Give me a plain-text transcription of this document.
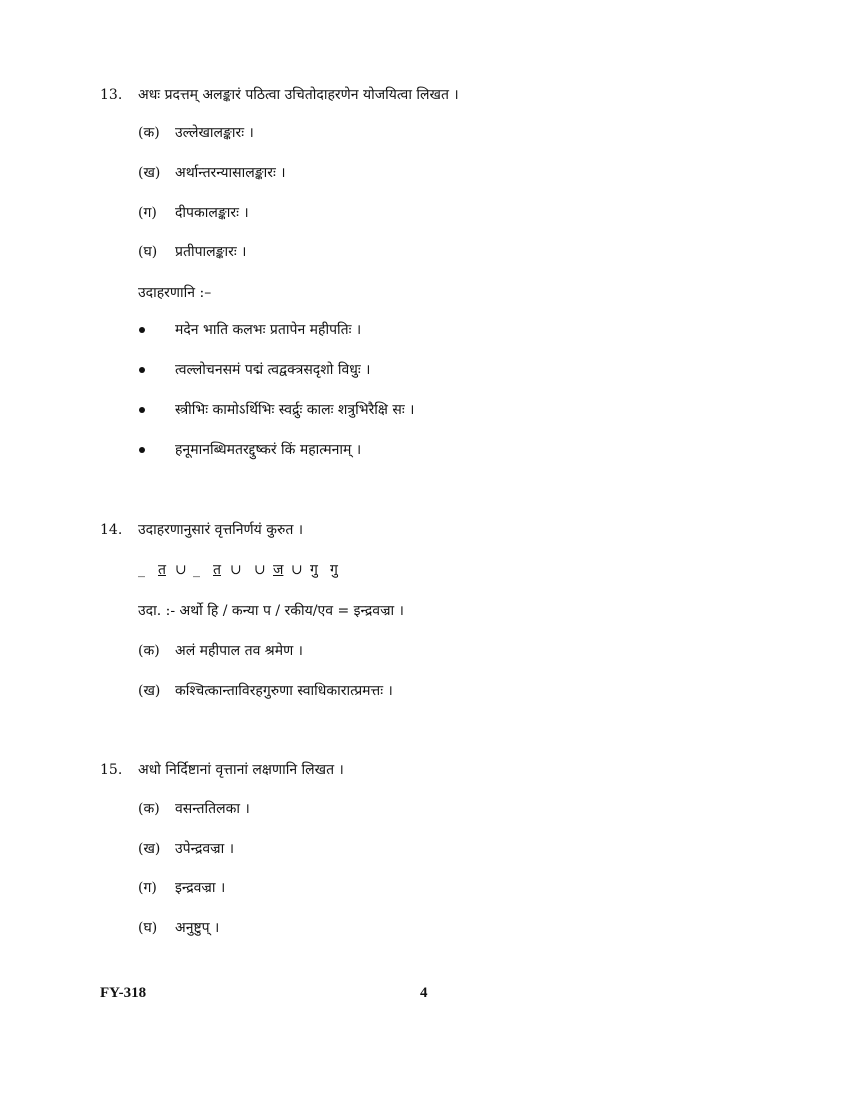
13. अधः प्रदत्तम् अलङ्कारं पठित्वा उचितोदाहरणेन योजयित्वा लिखत ।
(क) उल्लेखालङ्कारः ।
(ख) अर्थान्तरन्यासालङ्कारः ।
(ग) दीपकालङ्कारः ।
(घ) प्रतीपालङ्कारः ।
उदाहरणानि :–
मदेन भाति कलभः प्रतापेन महीपतिः ।
त्वल्लोचनसमं पद्मं त्वद्वक्त्रसदृशो विधुः ।
स्त्रीभिः कामोऽर्थिभिः स्वर्द्रुः कालः शत्रुभिरैक्षि सः ।
हनूमानब्धिमतरद्दुष्करं किं महात्मनाम् ।
14. उदाहरणानुसारं वृत्तनिर्णयं कुरुत ।
_ त ∪ _ त ∪ ∪ ज ∪ गु गु
उदा. :- अर्थो हि / कन्या प / रकीय/एव = इन्द्रवज्रा ।
(क) अलं महीपाल तव श्रमेण ।
(ख) कश्चित्कान्ताविरहगुरुणा स्वाधिकारात्प्रमत्तः ।
15. अधो निर्दिष्टानां वृत्तानां लक्षणानि लिखत ।
(क) वसन्ततिलका ।
(ख) उपेन्द्रवज्रा ।
(ग) इन्द्रवज्रा ।
(घ) अनुष्टुप् ।
FY-318	4
